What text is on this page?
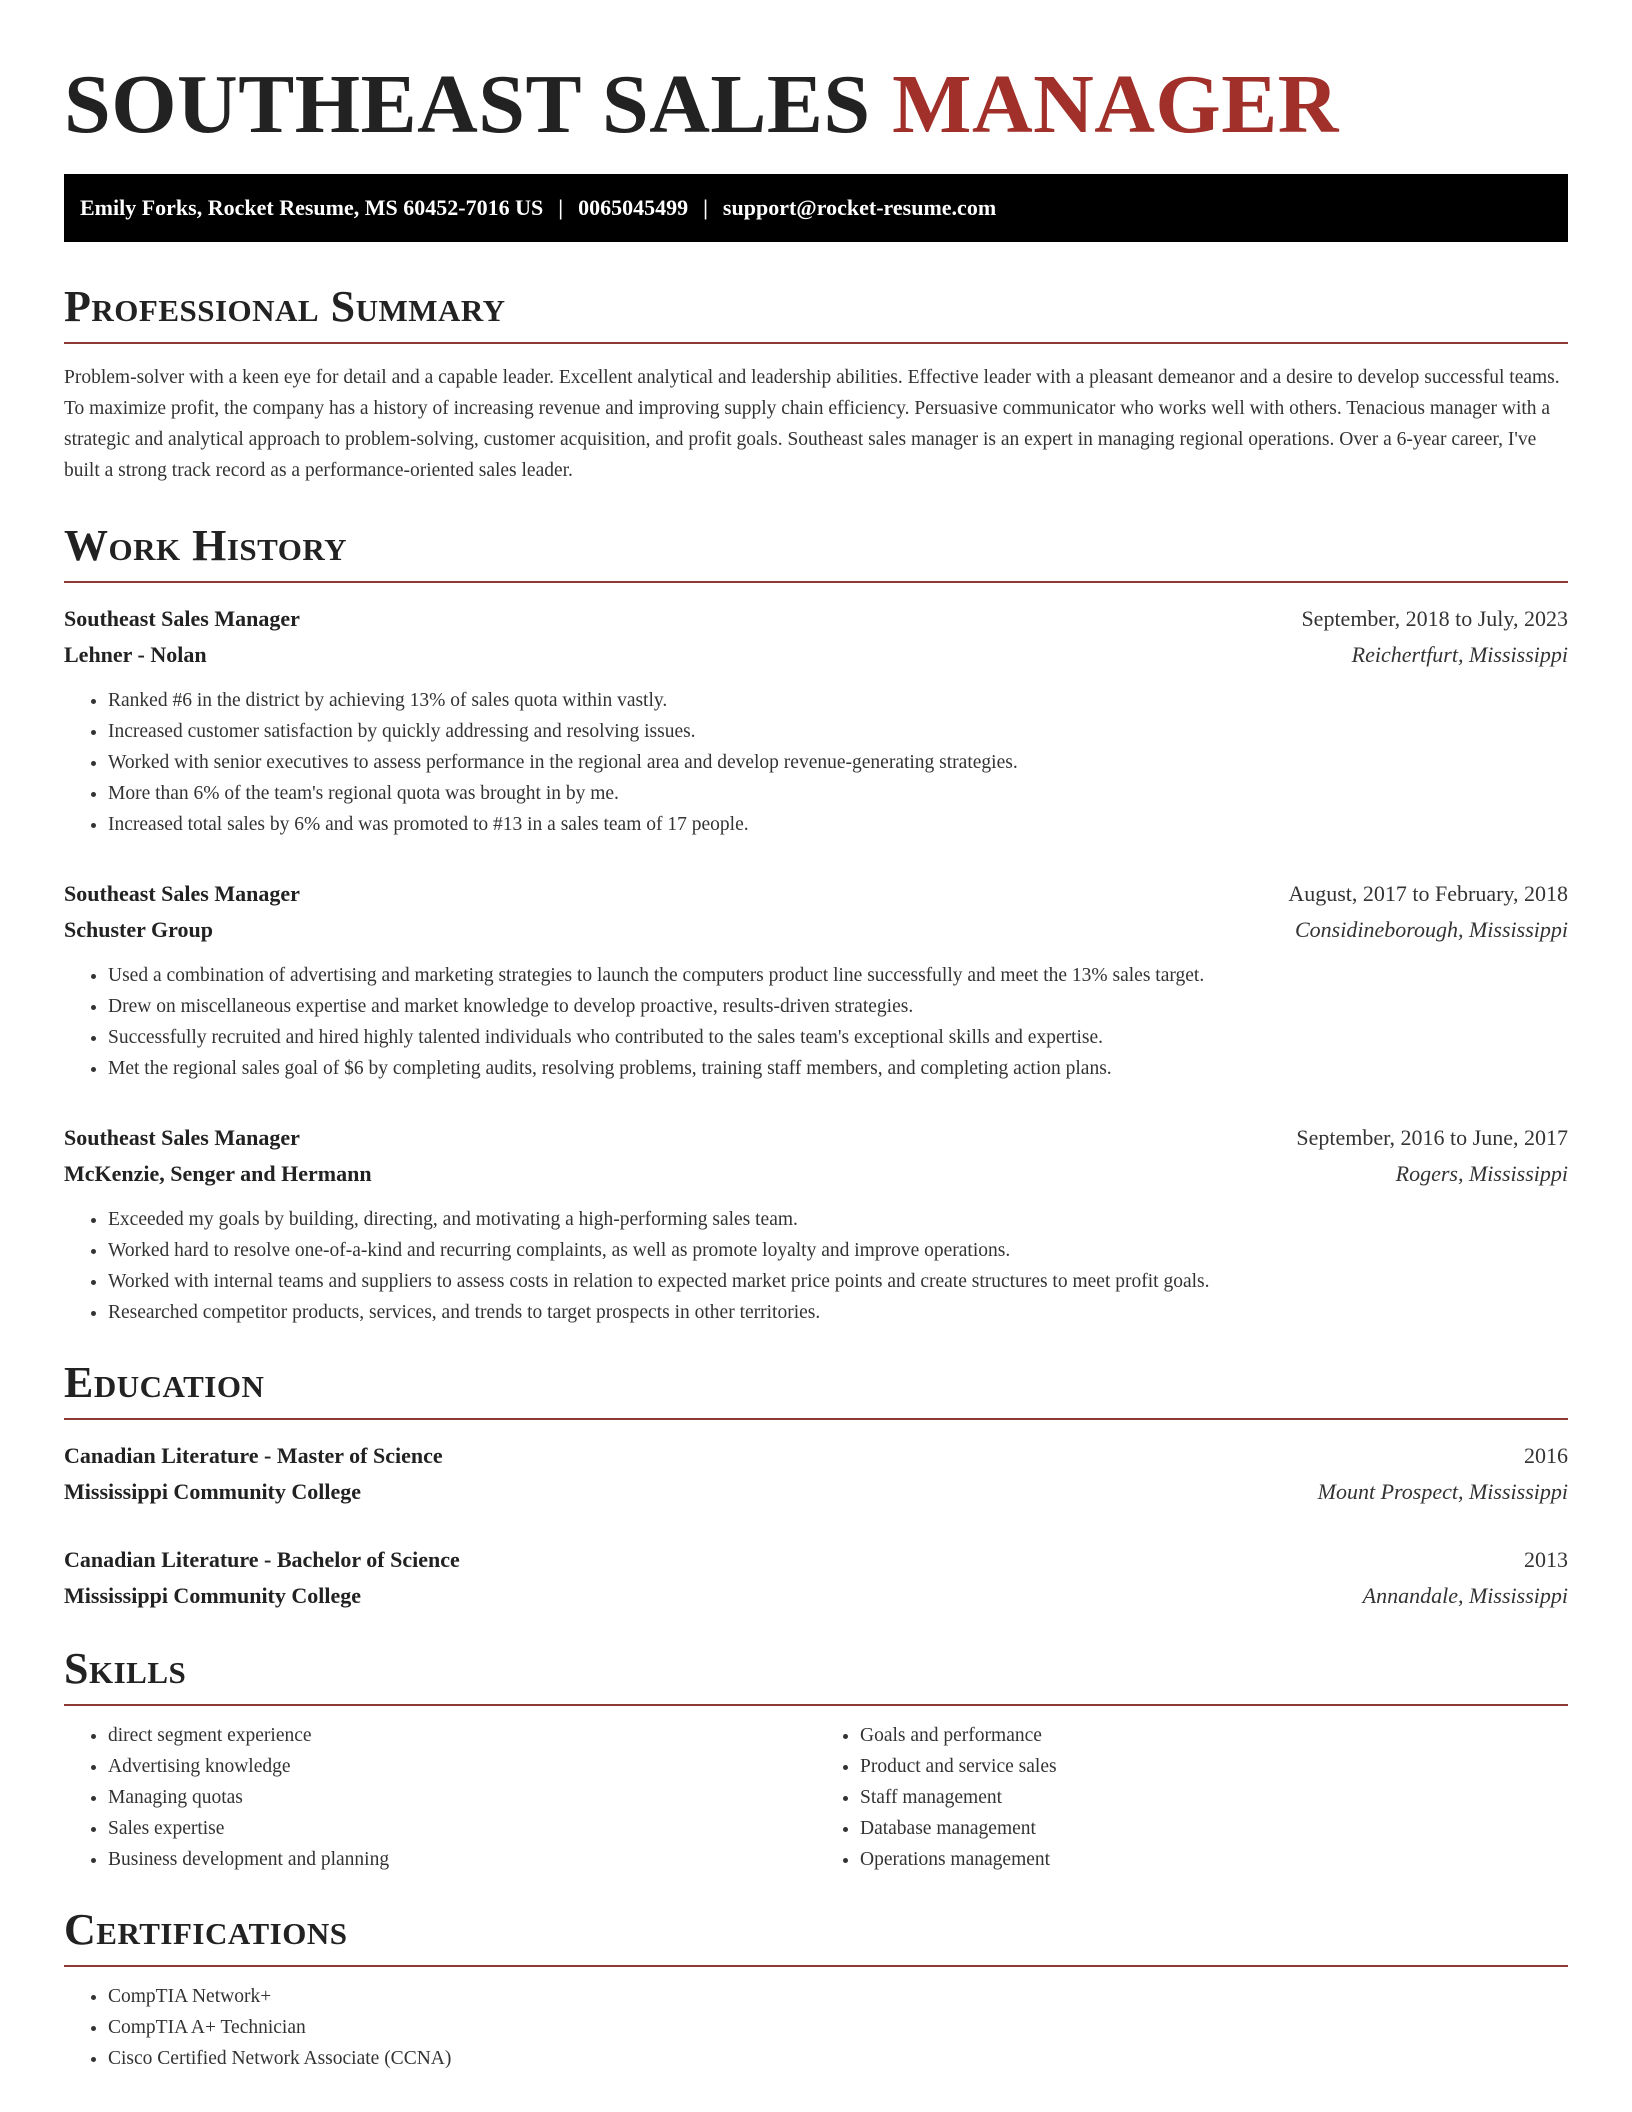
SOUTHEAST SALES MANAGER
Emily Forks, Rocket Resume, MS 60452-7016 US | 0065045499 | support@rocket-resume.com
Professional Summary

Problem-solver with a keen eye for detail and a capable leader. Excellent analytical and leadership abilities. Effective leader with a pleasant demeanor and a desire to develop successful teams. To maximize profit, the company has a history of increasing revenue and improving supply chain efficiency. Persuasive communicator who works well with others. Tenacious manager with a strategic and analytical approach to problem-solving, customer acquisition, and profit goals. Southeast sales manager is an expert in managing regional operations. Over a 6-year career, I've built a strong track record as a performance-oriented sales leader.

Work History
Southeast Sales Manager	September, 2018 to July, 2023
Lehner - Nolan	Reichertfurt, Mississippi
• Ranked #6 in the district by achieving 13% of sales quota within vastly.
• Increased customer satisfaction by quickly addressing and resolving issues.
• Worked with senior executives to assess performance in the regional area and develop revenue-generating strategies.
• More than 6% of the team's regional quota was brought in by me.
• Increased total sales by 6% and was promoted to #13 in a sales team of 17 people.
Southeast Sales Manager	August, 2017 to February, 2018
Schuster Group	Considineborough, Mississippi
• Used a combination of advertising and marketing strategies to launch the computers product line successfully and meet the 13% sales target.
• Drew on miscellaneous expertise and market knowledge to develop proactive, results-driven strategies.
• Successfully recruited and hired highly talented individuals who contributed to the sales team's exceptional skills and expertise.
• Met the regional sales goal of $6 by completing audits, resolving problems, training staff members, and completing action plans.
Southeast Sales Manager	September, 2016 to June, 2017
McKenzie, Senger and Hermann	Rogers, Mississippi
• Exceeded my goals by building, directing, and motivating a high-performing sales team.
• Worked hard to resolve one-of-a-kind and recurring complaints, as well as promote loyalty and improve operations.
• Worked with internal teams and suppliers to assess costs in relation to expected market price points and create structures to meet profit goals.
• Researched competitor products, services, and trends to target prospects in other territories.
Education
Canadian Literature - Master of Science	2016
Mississippi Community College	Mount Prospect, Mississippi
Canadian Literature - Bachelor of Science	2013
Mississippi Community College	Annandale, Mississippi
Skills
• direct segment experience
• Advertising knowledge
• Managing quotas
• Sales expertise
• Business development and planning
• Goals and performance
• Product and service sales
• Staff management
• Database management
• Operations management
Certifications
• CompTIA Network+
• CompTIA A+ Technician
• Cisco Certified Network Associate (CCNA)
